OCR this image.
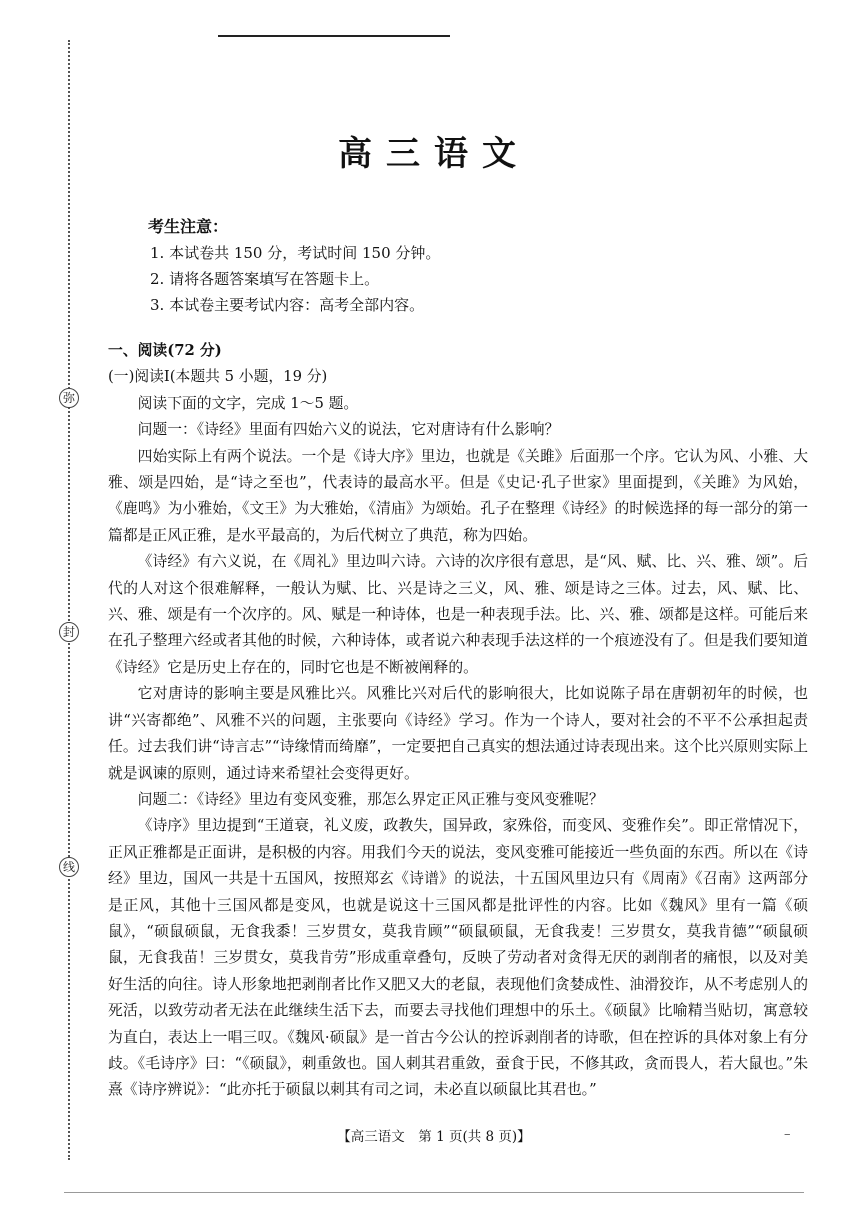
弥
封
线
高三语文
考生注意：
1. 本试卷共 150 分，考试时间 150 分钟。
2. 请将各题答案填写在答题卡上。
3. 本试卷主要考试内容：高考全部内容。

一、阅读(72 分)

(一)阅读Ⅰ(本题共 5 小题，19 分)

阅读下面的文字，完成 1～5 题。

问题一：《诗经》里面有四始六义的说法，它对唐诗有什么影响？

四始实际上有两个说法。一个是《诗大序》里边，也就是《关雎》后面那一个序。它认为风、小雅、大雅、颂是四始，是“诗之至也”，代表诗的最高水平。但是《史记·孔子世家》里面提到，《关雎》为风始，《鹿鸣》为小雅始，《文王》为大雅始，《清庙》为颂始。孔子在整理《诗经》的时候选择的每一部分的第一篇都是正风正雅，是水平最高的，为后代树立了典范，称为四始。

《诗经》有六义说，在《周礼》里边叫六诗。六诗的次序很有意思，是“风、赋、比、兴、雅、颂”。后代的人对这个很难解释，一般认为赋、比、兴是诗之三义，风、雅、颂是诗之三体。过去，风、赋、比、兴、雅、颂是有一个次序的。风、赋是一种诗体，也是一种表现手法。比、兴、雅、颂都是这样。可能后来在孔子整理六经或者其他的时候，六种诗体，或者说六种表现手法这样的一个痕迹没有了。但是我们要知道《诗经》它是历史上存在的，同时它也是不断被阐释的。

它对唐诗的影响主要是风雅比兴。风雅比兴对后代的影响很大，比如说陈子昂在唐朝初年的时候，也讲“兴寄都绝”、风雅不兴的问题，主张要向《诗经》学习。作为一个诗人，要对社会的不平不公承担起责任。过去我们讲“诗言志”“诗缘情而绮靡”，一定要把自己真实的想法通过诗表现出来。这个比兴原则实际上就是讽谏的原则，通过诗来希望社会变得更好。

问题二：《诗经》里边有变风变雅，那怎么界定正风正雅与变风变雅呢？

《诗序》里边提到“王道衰，礼义废，政教失，国异政，家殊俗，而变风、变雅作矣”。即正常情况下，正风正雅都是正面讲，是积极的内容。用我们今天的说法，变风变雅可能接近一些负面的东西。所以在《诗经》里边，国风一共是十五国风，按照郑玄《诗谱》的说法，十五国风里边只有《周南》《召南》这两部分是正风，其他十三国风都是变风，也就是说这十三国风都是批评性的内容。比如《魏风》里有一篇《硕鼠》，“硕鼠硕鼠，无食我黍！三岁贯女，莫我肯顾”“硕鼠硕鼠，无食我麦！三岁贯女，莫我肯德”“硕鼠硕鼠，无食我苗！三岁贯女，莫我肯劳”形成重章叠句，反映了劳动者对贪得无厌的剥削者的痛恨，以及对美好生活的向往。诗人形象地把剥削者比作又肥又大的老鼠，表现他们贪婪成性、油滑狡诈，从不考虑别人的死活，以致劳动者无法在此继续生活下去，而要去寻找他们理想中的乐土。《硕鼠》比喻精当贴切，寓意较为直白，表达上一唱三叹。《魏风·硕鼠》是一首古今公认的控诉剥削者的诗歌，但在控诉的具体对象上有分歧。《毛诗序》曰：“《硕鼠》，刺重敛也。国人刺其君重敛，蚕食于民，不修其政，贪而畏人，若大鼠也。”朱熹《诗序辨说》：“此亦托于硕鼠以刺其有司之词，未必直以硕鼠比其君也。”

【高三语文　第 1 页(共 8 页)】	–
